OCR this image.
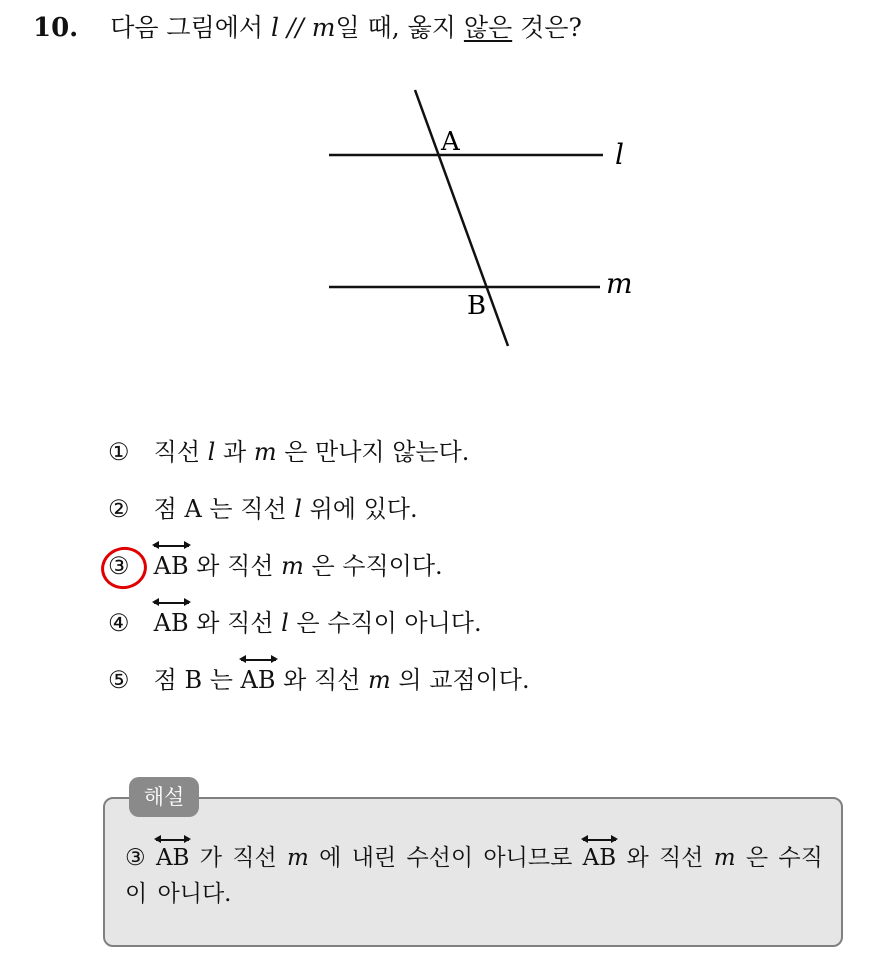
10. 다음 그림에서 l // m일 때, 옳지 않은 것은?
A
B
l
m
① 직선 l 과 m 은 만나지 않는다.
② 점 A 는 직선 l 위에 있다.
③ AB 와 직선 m 은 수직이다.
④ AB 와 직선 l 은 수직이 아니다.
⑤ 점 B 는 AB 와 직선 m 의 교점이다.
해설
③ AB 가 직선 m 에 내린 수선이 아니므로 AB 와 직선 m 은 수직이 아니다.
